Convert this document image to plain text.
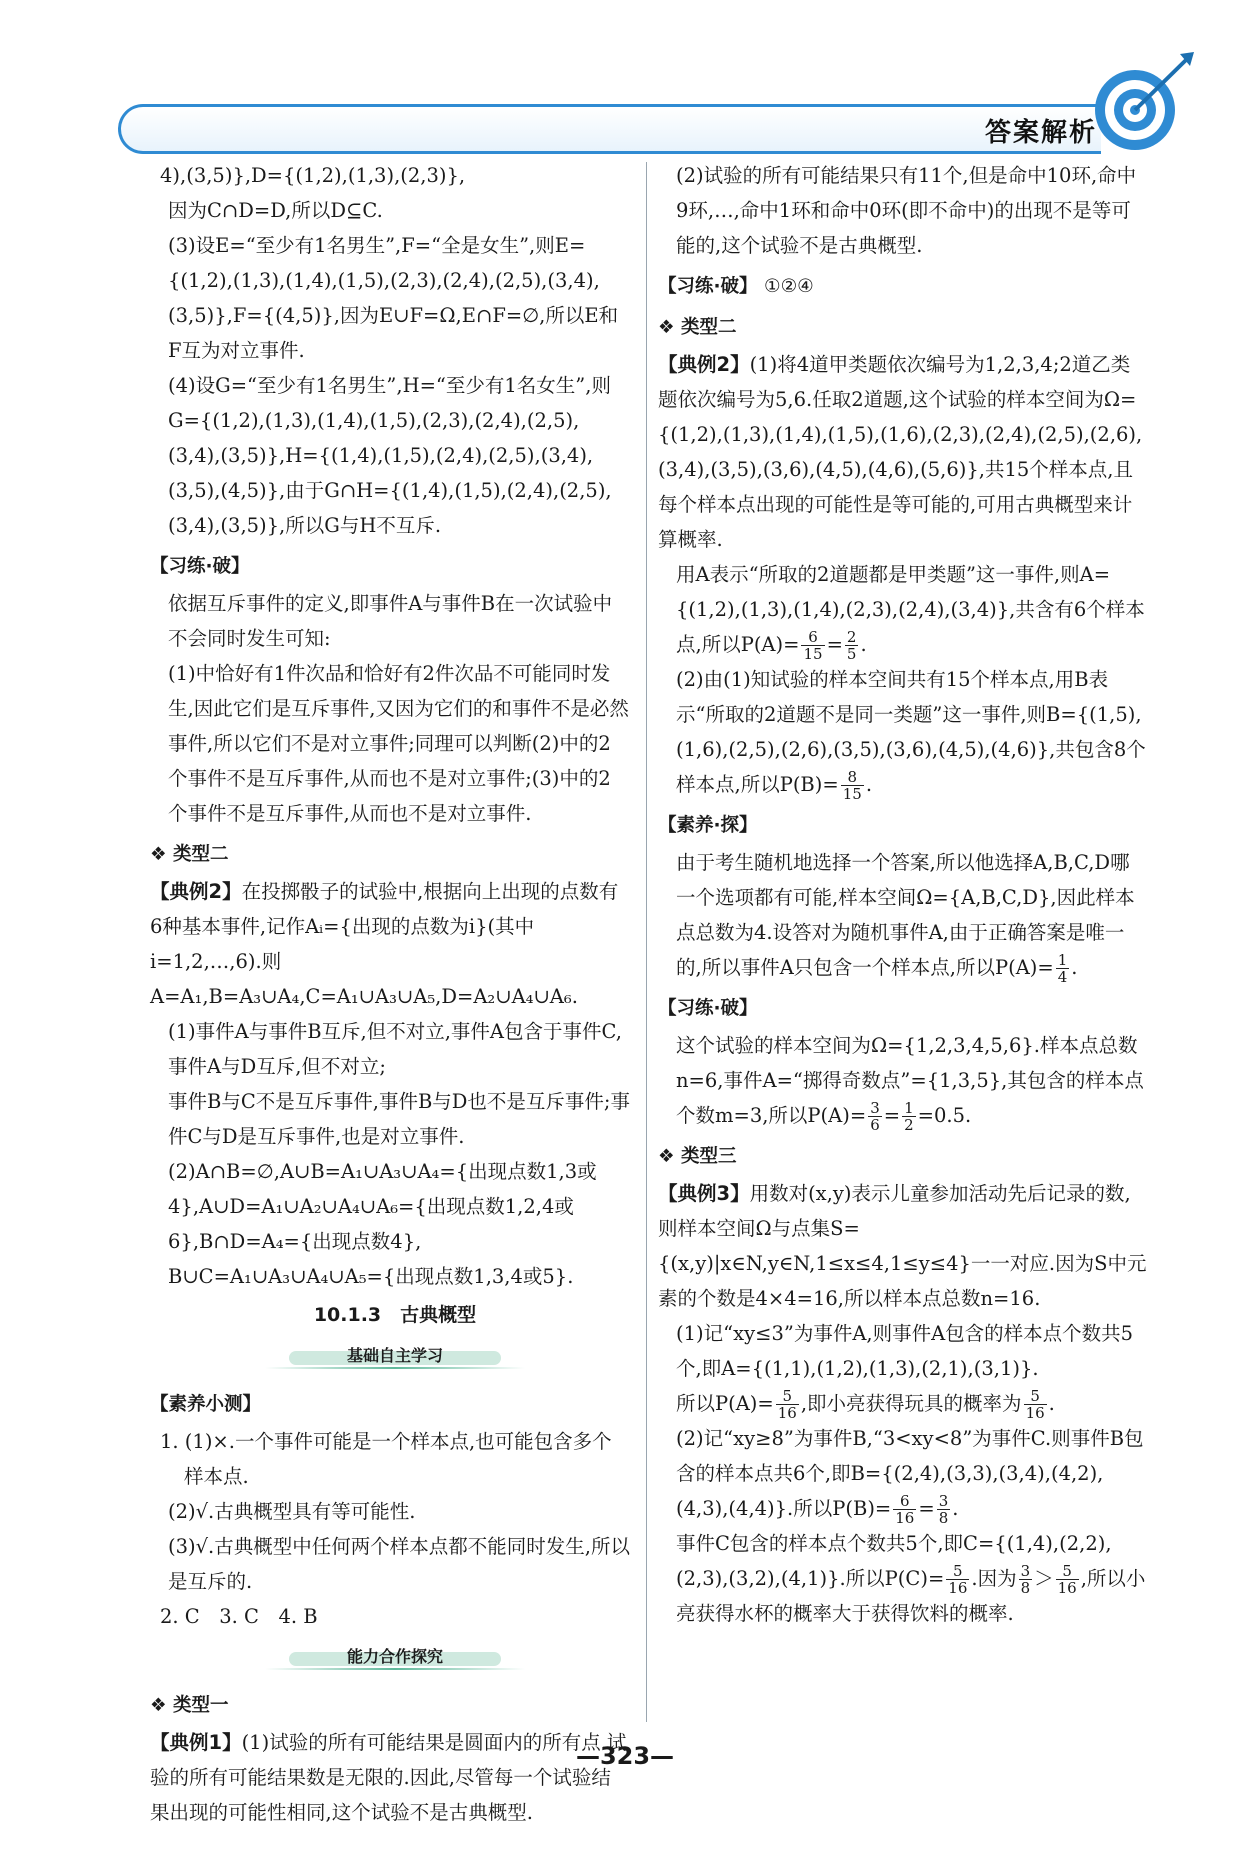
答案解析

4),(3,5)},D={(1,2),(1,3),(2,3)},

因为C∩D=D,所以D⊆C.

(3)设E=“至少有1名男生”,F=“全是女生”,则E={(1,2),(1,3),(1,4),(1,5),(2,3),(2,4),(2,5),(3,4),(3,5)},F={(4,5)},因为E∪F=Ω,E∩F=∅,所以E和F互为对立事件.

(4)设G=“至少有1名男生”,H=“至少有1名女生”,则G={(1,2),(1,3),(1,4),(1,5),(2,3),(2,4),(2,5),(3,4),(3,5)},H={(1,4),(1,5),(2,4),(2,5),(3,4),(3,5),(4,5)},由于G∩H={(1,4),(1,5),(2,4),(2,5),(3,4),(3,5)},所以G与H不互斥.

【习练·破】

依据互斥事件的定义,即事件A与事件B在一次试验中不会同时发生可知:

(1)中恰好有1件次品和恰好有2件次品不可能同时发生,因此它们是互斥事件,又因为它们的和事件不是必然事件,所以它们不是对立事件;同理可以判断(2)中的2个事件不是互斥事件,从而也不是对立事件;(3)中的2个事件不是互斥事件,从而也不是对立事件.

❖ 类型二

【典例2】在投掷骰子的试验中,根据向上出现的点数有6种基本事件,记作Aᵢ={出现的点数为i}(其中i=1,2,…,6).则A=A₁,B=A₃∪A₄,C=A₁∪A₃∪A₅,D=A₂∪A₄∪A₆.

(1)事件A与事件B互斥,但不对立,事件A包含于事件C,事件A与D互斥,但不对立;

事件B与C不是互斥事件,事件B与D也不是互斥事件;事件C与D是互斥事件,也是对立事件.

(2)A∩B=∅,A∪B=A₁∪A₃∪A₄={出现点数1,3或4},A∪D=A₁∪A₂∪A₄∪A₆={出现点数1,2,4或6},B∩D=A₄={出现点数4},

B∪C=A₁∪A₃∪A₄∪A₅={出现点数1,3,4或5}.

10.1.3　古典概型
基础自主学习
【素养小测】

1. (1)×.一个事件可能是一个样本点,也可能包含多个样本点.

(2)√.古典概型具有等可能性.

(3)√.古典概型中任何两个样本点都不能同时发生,所以是互斥的.

2. C　3. C　4. B

能力合作探究
❖ 类型一

【典例1】(1)试验的所有可能结果是圆面内的所有点.试验的所有可能结果数是无限的.因此,尽管每一个试验结果出现的可能性相同,这个试验不是古典概型.

(2)试验的所有可能结果只有11个,但是命中10环,命中9环,…,命中1环和命中0环(即不命中)的出现不是等可能的,这个试验不是古典概型.

【习练·破】 ①②④
❖ 类型二

【典例2】(1)将4道甲类题依次编号为1,2,3,4;2道乙类题依次编号为5,6.任取2道题,这个试验的样本空间为Ω={(1,2),(1,3),(1,4),(1,5),(1,6),(2,3),(2,4),(2,5),(2,6),(3,4),(3,5),(3,6),(4,5),(4,6),(5,6)},共15个样本点,且每个样本点出现的可能性是等可能的,可用古典概型来计算概率.

用A表示“所取的2道题都是甲类题”这一事件,则A={(1,2),(1,3),(1,4),(2,3),(2,4),(3,4)},共含有6个样本点,所以$P(A)= \frac{6}{15} = \frac{2}{5}$ .

(2)由(1)知试验的样本空间共有15个样本点,用B表示“所取的2道题不是同一类题”这一事件,则B={(1,5),(1,6),(2,5),(2,6),(3,5),(3,6),(4,5),(4,6)},共包含8个样本点,所以$P(B)= \frac{8}{15}$ .

【素养·探】

由于考生随机地选择一个答案,所以他选择A,B,C,D哪一个选项都有可能,样本空间Ω={A,B,C,D},因此样本点总数为4.设答对为随机事件A,由于正确答案是唯一的,所以事件A只包含一个样本点,所以$P(A)= \frac{1}{4}$ .

【习练·破】

这个试验的样本空间为Ω={1,2,3,4,5,6}.样本点总数n=6,事件A=“掷得奇数点”={1,3,5},其包含的样本点个数m=3,所以$P(A)= \frac{3}{6} = \frac{1}{2} =0.5$.

❖ 类型三

【典例3】用数对(x,y)表示儿童参加活动先后记录的数,则样本空间Ω与点集S={(x,y)|x∈N,y∈N,1≤x≤4,1≤y≤4}一一对应.因为S中元素的个数是4×4=16,所以样本点总数n=16.

(1)记“xy≤3”为事件A,则事件A包含的样本点个数共5个,即A={(1,1),(1,2),(1,3),(2,1),(3,1)}.

所以$P(A)= \frac{5}{16}$ ,即小亮获得玩具的概率为 $\frac{5}{16}$ .

(2)记“xy≥8”为事件B,“3<xy<8”为事件C.则事件B包含的样本点共6个,即B={(2,4),(3,3),(3,4),(4,2),(4,3),(4,4)}.所以$P(B)= \frac{6}{16} = \frac{3}{8}$ .

事件C包含的样本点个数共5个,即C={(1,4),(2,2),(2,3),(3,2),(4,1)}.所以$P(C)= \frac{5}{16}$ .因为 $\frac{3}{8} > \frac{5}{16}$ ,所以小亮获得水杯的概率大于获得饮料的概率.

—323—
